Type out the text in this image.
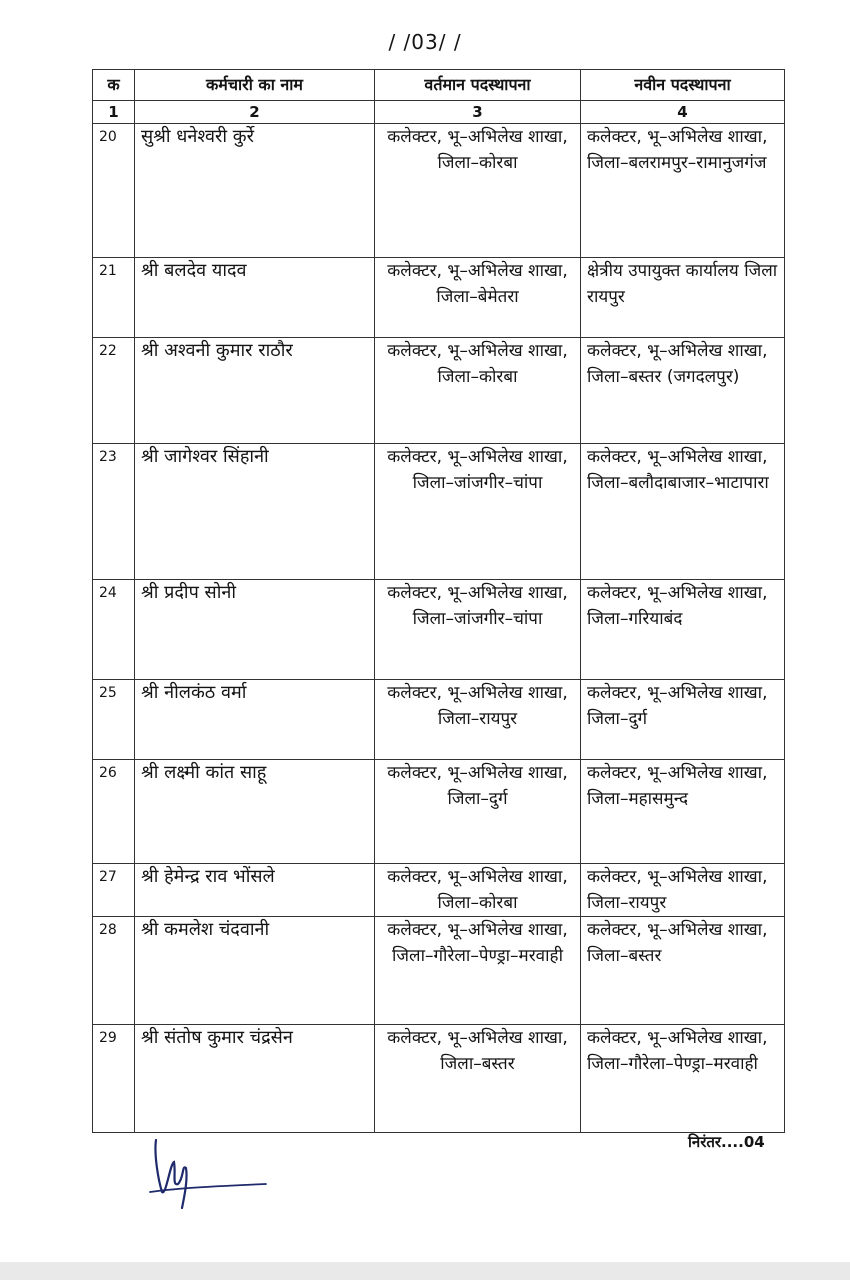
/ /03/ /
क	कर्मचारी का नाम	वर्तमान पदस्थापना	नवीन पदस्थापना
1	2	3	4
20	सुश्री धनेश्वरी कुर्रे	कलेक्टर, भू–अभिलेख शाखा, जिला–कोरबा	कलेक्टर, भू–अभिलेख शाखा, जिला–बलरामपुर–रामानुजगंज
21	श्री बलदेव यादव	कलेक्टर, भू–अभिलेख शाखा, जिला–बेमेतरा	क्षेत्रीय उपायुक्त कार्यालय जिला रायपुर
22	श्री अश्वनी कुमार राठौर	कलेक्टर, भू–अभिलेख शाखा, जिला–कोरबा	कलेक्टर, भू–अभिलेख शाखा, जिला–बस्तर (जगदलपुर)
23	श्री जागेश्वर सिंहानी	कलेक्टर, भू–अभिलेख शाखा, जिला–जांजगीर–चांपा	कलेक्टर, भू–अभिलेख शाखा, जिला–बलौदाबाजार–भाटापारा
24	श्री प्रदीप सोनी	कलेक्टर, भू–अभिलेख शाखा, जिला–जांजगीर–चांपा	कलेक्टर, भू–अभिलेख शाखा, जिला–गरियाबंद
25	श्री नीलकंठ वर्मा	कलेक्टर, भू–अभिलेख शाखा, जिला–रायपुर	कलेक्टर, भू–अभिलेख शाखा, जिला–दुर्ग
26	श्री लक्ष्मी कांत साहू	कलेक्टर, भू–अभिलेख शाखा, जिला–दुर्ग	कलेक्टर, भू–अभिलेख शाखा, जिला–महासमुन्द
27	श्री हेमेन्द्र राव भोंसले	कलेक्टर, भू–अभिलेख शाखा, जिला–कोरबा	कलेक्टर, भू–अभिलेख शाखा, जिला–रायपुर
28	श्री कमलेश चंदवानी	कलेक्टर, भू–अभिलेख शाखा, जिला–गौरेला–पेण्ड्रा–मरवाही	कलेक्टर, भू–अभिलेख शाखा, जिला–बस्तर
29	श्री संतोष कुमार चंद्रसेन	कलेक्टर, भू–अभिलेख शाखा, जिला–बस्तर	कलेक्टर, भू–अभिलेख शाखा, जिला–गौरेला–पेण्ड्रा–मरवाही
निरंतर....04
